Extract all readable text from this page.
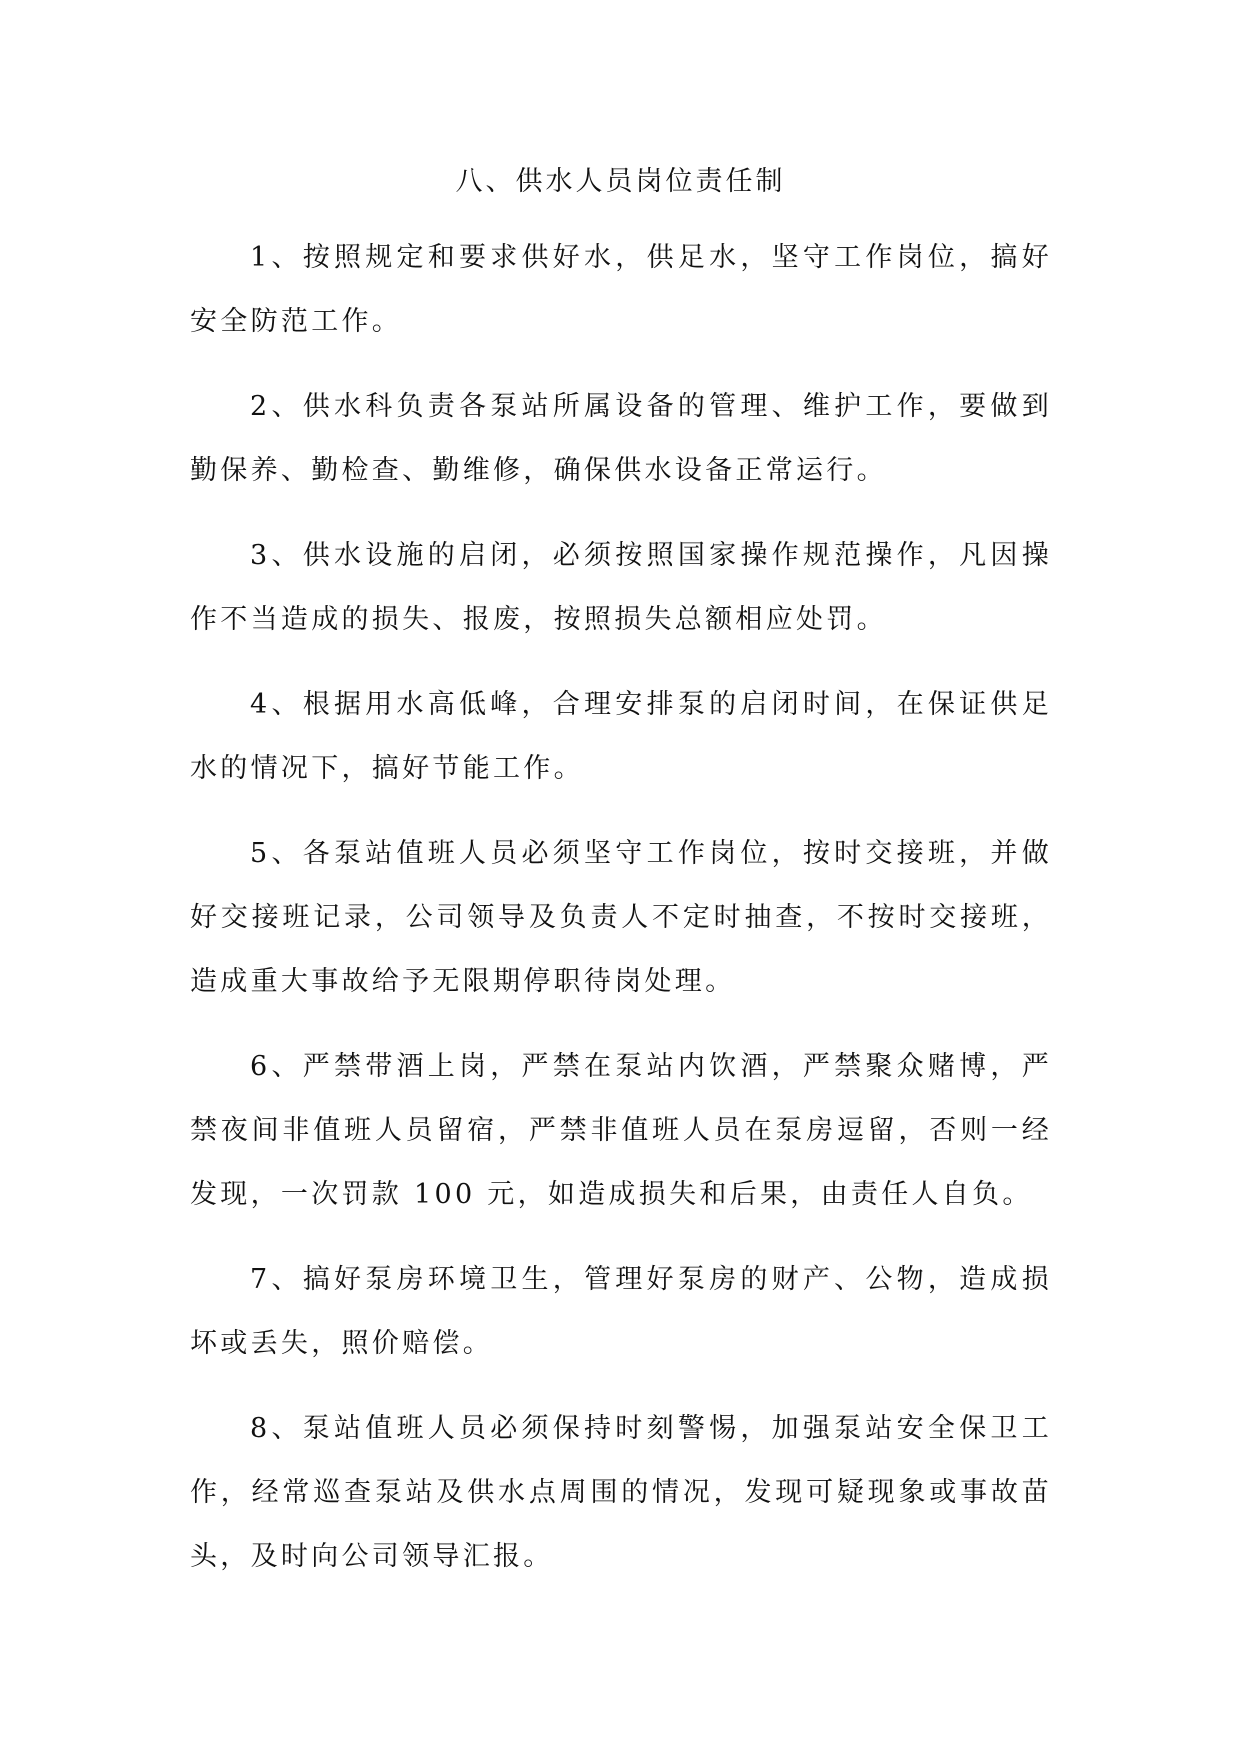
八、供水人员岗位责任制

1、按照规定和要求供好水，供足水，坚守工作岗位，搞好安全防范工作。

2、供水科负责各泵站所属设备的管理、维护工作，要做到勤保养、勤检查、勤维修，确保供水设备正常运行。

3、供水设施的启闭，必须按照国家操作规范操作，凡因操作不当造成的损失、报废，按照损失总额相应处罚。

4、根据用水高低峰，合理安排泵的启闭时间，在保证供足水的情况下，搞好节能工作。

5、各泵站值班人员必须坚守工作岗位，按时交接班，并做好交接班记录，公司领导及负责人不定时抽查，不按时交接班，造成重大事故给予无限期停职待岗处理。

6、严禁带酒上岗，严禁在泵站内饮酒，严禁聚众赌博，严禁夜间非值班人员留宿，严禁非值班人员在泵房逗留，否则一经发现，一次罚款 100 元，如造成损失和后果，由责任人自负。

7、搞好泵房环境卫生，管理好泵房的财产、公物，造成损坏或丢失，照价赔偿。

8、泵站值班人员必须保持时刻警惕，加强泵站安全保卫工作，经常巡查泵站及供水点周围的情况，发现可疑现象或事故苗头，及时向公司领导汇报。
